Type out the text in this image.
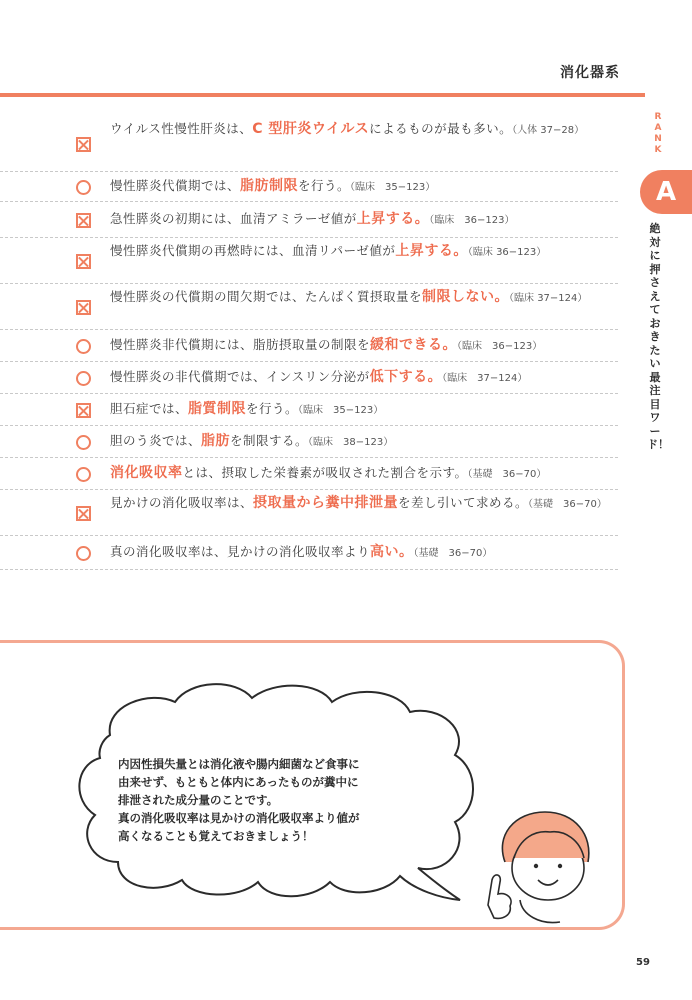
消化器系
RANK
A
絶対に押さえておきたい最注目ワード！
ウイルス性慢性肝炎は、C 型肝炎ウイルスによるものが最も多い。（人体 37−28）
慢性膵炎代償期では、脂肪制限を行う。（臨床　35−123）
急性膵炎の初期には、血清アミラーゼ値が上昇する。（臨床　36−123）
慢性膵炎代償期の再燃時には、血清リパーゼ値が上昇する。（臨床 36−123）
慢性膵炎の代償期の間欠期では、たんぱく質摂取量を制限しない。（臨床 37−124）
慢性膵炎非代償期には、脂肪摂取量の制限を緩和できる。（臨床　36−123）
慢性膵炎の非代償期では、インスリン分泌が低下する。（臨床　37−124）
胆石症では、脂質制限を行う。（臨床　35−123）
胆のう炎では、脂肪を制限する。（臨床　38−123）
消化吸収率とは、摂取した栄養素が吸収された割合を示す。（基礎　36−70）
見かけの消化吸収率は、摂取量から糞中排泄量を差し引いて求める。（基礎　36−70）
真の消化吸収率は、見かけの消化吸収率より高い。（基礎　36−70）
内因性損失量とは消化液や腸内細菌など食事に
由来せず、もともと体内にあったものが糞中に
排泄された成分量のことです。
真の消化吸収率は見かけの消化吸収率より値が
高くなることも覚えておきましょう！
59
